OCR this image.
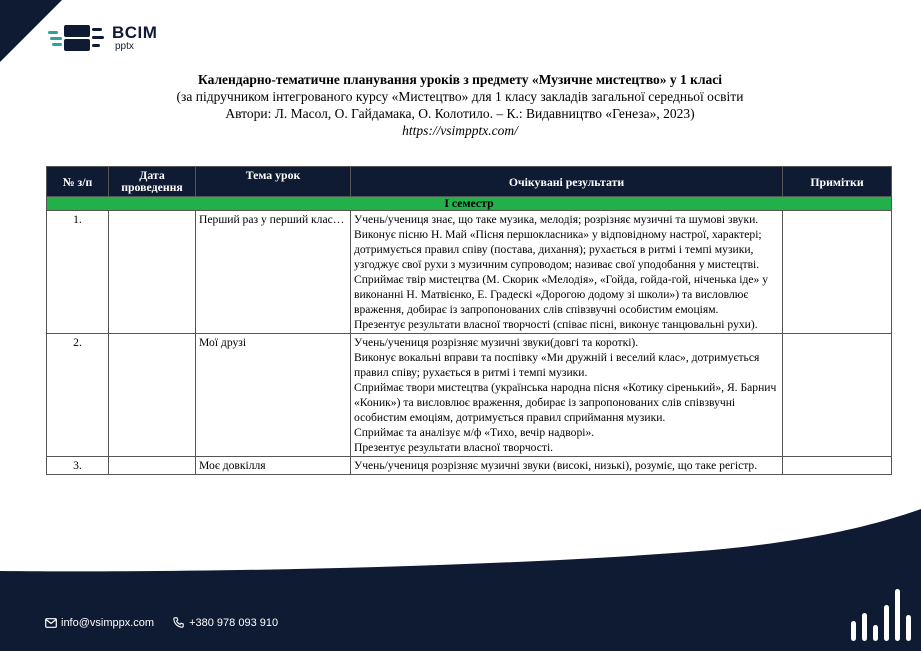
BCIM
pptx
Календарно-тематичне планування уроків з предмету «Музичне мистецтво» у 1 класі
(за підручником інтегрованого курсу «Мистецтво» для 1 класу закладів загальної середньої освіти
Автори: Л. Масол, О. Гайдамака, О. Колотило. – К.: Видавництво «Генеза», 2023)
https://vsimpptx.com/
№ з/п	Дата проведення	Тема урок	Очікувані результати	Примітки
I семестр				
1.		Перший раз у перший клас…	Учень/учениця знає, що таке музика, мелодія; розрізняє музичні та шумові звуки.

Виконує пісню Н. Май «Пісня першокласника» у відповідному настрої, характері; дотримується правил співу (постава, дихання); рухається в ритмі і темпі музики, узгоджує свої рухи з музичним супроводом; називає свої уподобання у мистецтві.

Сприймає твір мистецтва (М. Скорик «Мелодія», «Гойда, гойда-гой, ніченька іде» у виконанні Н. Матвієнко, Е. Градескі «Дорогою додому зі школи») та висловлює враження, добирає із запропонованих слів співзвучні особистим емоціям.

Презентує результати власної творчості (співає пісні, виконує танцювальні рухи).	

2.		Мої друзі	Учень/учениця розрізняє музичні звуки(довгі та короткі).

Виконує вокальні вправи та поспівку «Ми дружній і веселий клас», дотримується правил співу; рухається в ритмі і темпі музики.

Сприймає твори мистецтва (українська народна пісня «Котику сіренький», Я. Барнич «Коник») та висловлює враження, добирає із запропонованих слів співзвучні особистим емоціям, дотримується правил сприймання музики.

Сприймає та аналізує м/ф «Тихо, вечір надворі».

Презентує результати власної творчості.	

3.		Моє довкілля	Учень/учениця розрізняє музичні звуки (високі, низькі), розуміє, що таке регістр.	

info@vsimppx.com	+380 978 093 910
